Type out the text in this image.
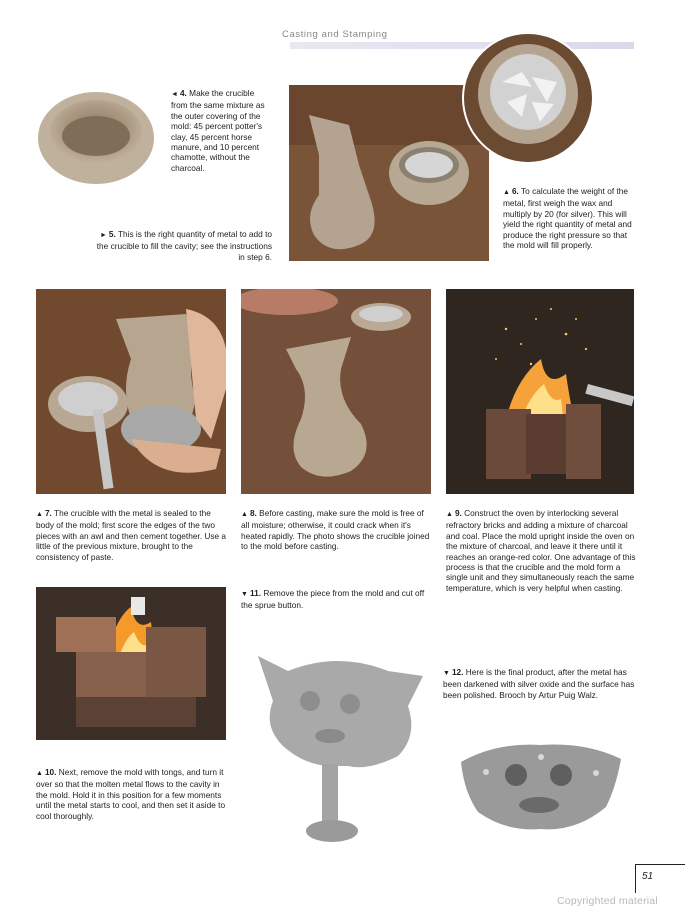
Casting and Stamping
◄ 4. Make the crucible from the same mixture as the outer covering of the mold: 45 percent potter's clay, 45 percent horse manure, and 10 percent chamotte, without the charcoal.
► 5. This is the right quantity of metal to add to the crucible to fill the cavity; see the instructions in step 6.
▲ 6. To calculate the weight of the metal, first weigh the wax and multiply by 20 (for silver). This will yield the right quantity of metal and produce the right pressure so that the mold will fill properly.
▲ 7. The crucible with the metal is sealed to the body of the mold; first score the edges of the two pieces with an awl and then cement together. Use a little of the previous mixture, brought to the consistency of paste.
▲ 8. Before casting, make sure the mold is free of all moisture; otherwise, it could crack when it's heated rapidly. The photo shows the crucible joined to the mold before casting.
▲ 9. Construct the oven by interlocking several refractory bricks and adding a mixture of charcoal and coal. Place the mold upright inside the oven on the mixture of charcoal, and leave it there until it reaches an orange-red color. One advantage of this process is that the crucible and the mold form a single unit and they simultaneously reach the same temperature, which is very helpful when casting.
▼ 11. Remove the piece from the mold and cut off the sprue button.
▲ 10. Next, remove the mold with tongs, and turn it over so that the molten metal flows to the cavity in the mold. Hold it in this position for a few moments until the metal starts to cool, and then set it aside to cool thoroughly.
▼ 12. Here is the final product, after the metal has been darkened with silver oxide and the surface has been polished. Brooch by Artur Puig Walz.
51
Copyrighted material
